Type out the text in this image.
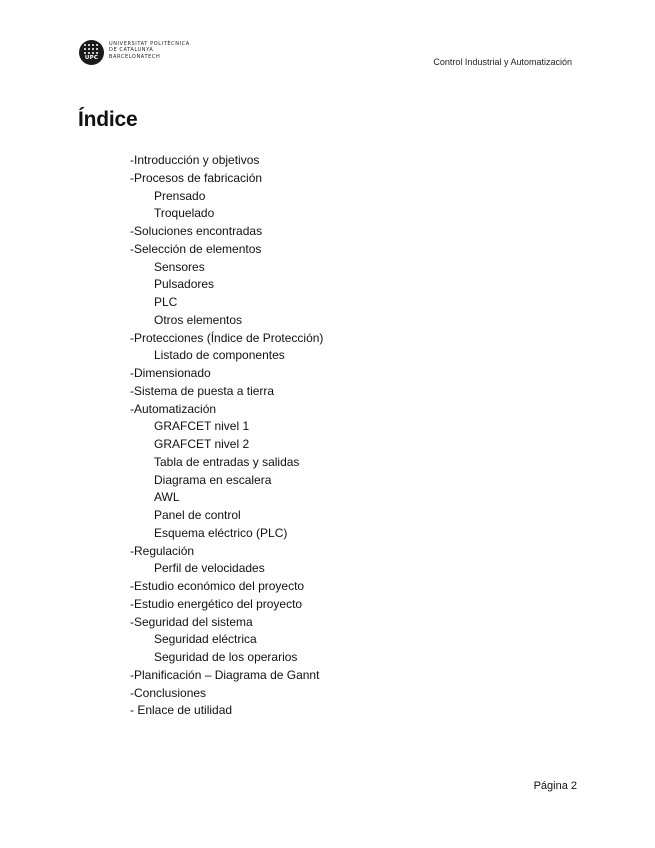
UPC
UNIVERSITAT POLITÈCNICA
DE CATALUNYA
BARCELONATECH
Control Industrial y Automatización
Índice
-Introducción y objetivos
-Procesos de fabricación
Prensado
Troquelado
-Soluciones encontradas
-Selección de elementos
Sensores
Pulsadores
PLC
Otros elementos
-Protecciones (Índice de Protección)
Listado de componentes
-Dimensionado
-Sistema de puesta a tierra
-Automatización
GRAFCET nivel 1
GRAFCET nivel 2
Tabla de entradas y salidas
Diagrama en escalera
AWL
Panel de control
Esquema eléctrico (PLC)
-Regulación
Perfil de velocidades
-Estudio económico del proyecto
-Estudio energético del proyecto
-Seguridad del sistema
Seguridad eléctrica
Seguridad de los operarios
-Planificación – Diagrama de Gannt
-Conclusiones
- Enlace de utilidad
Página 2
